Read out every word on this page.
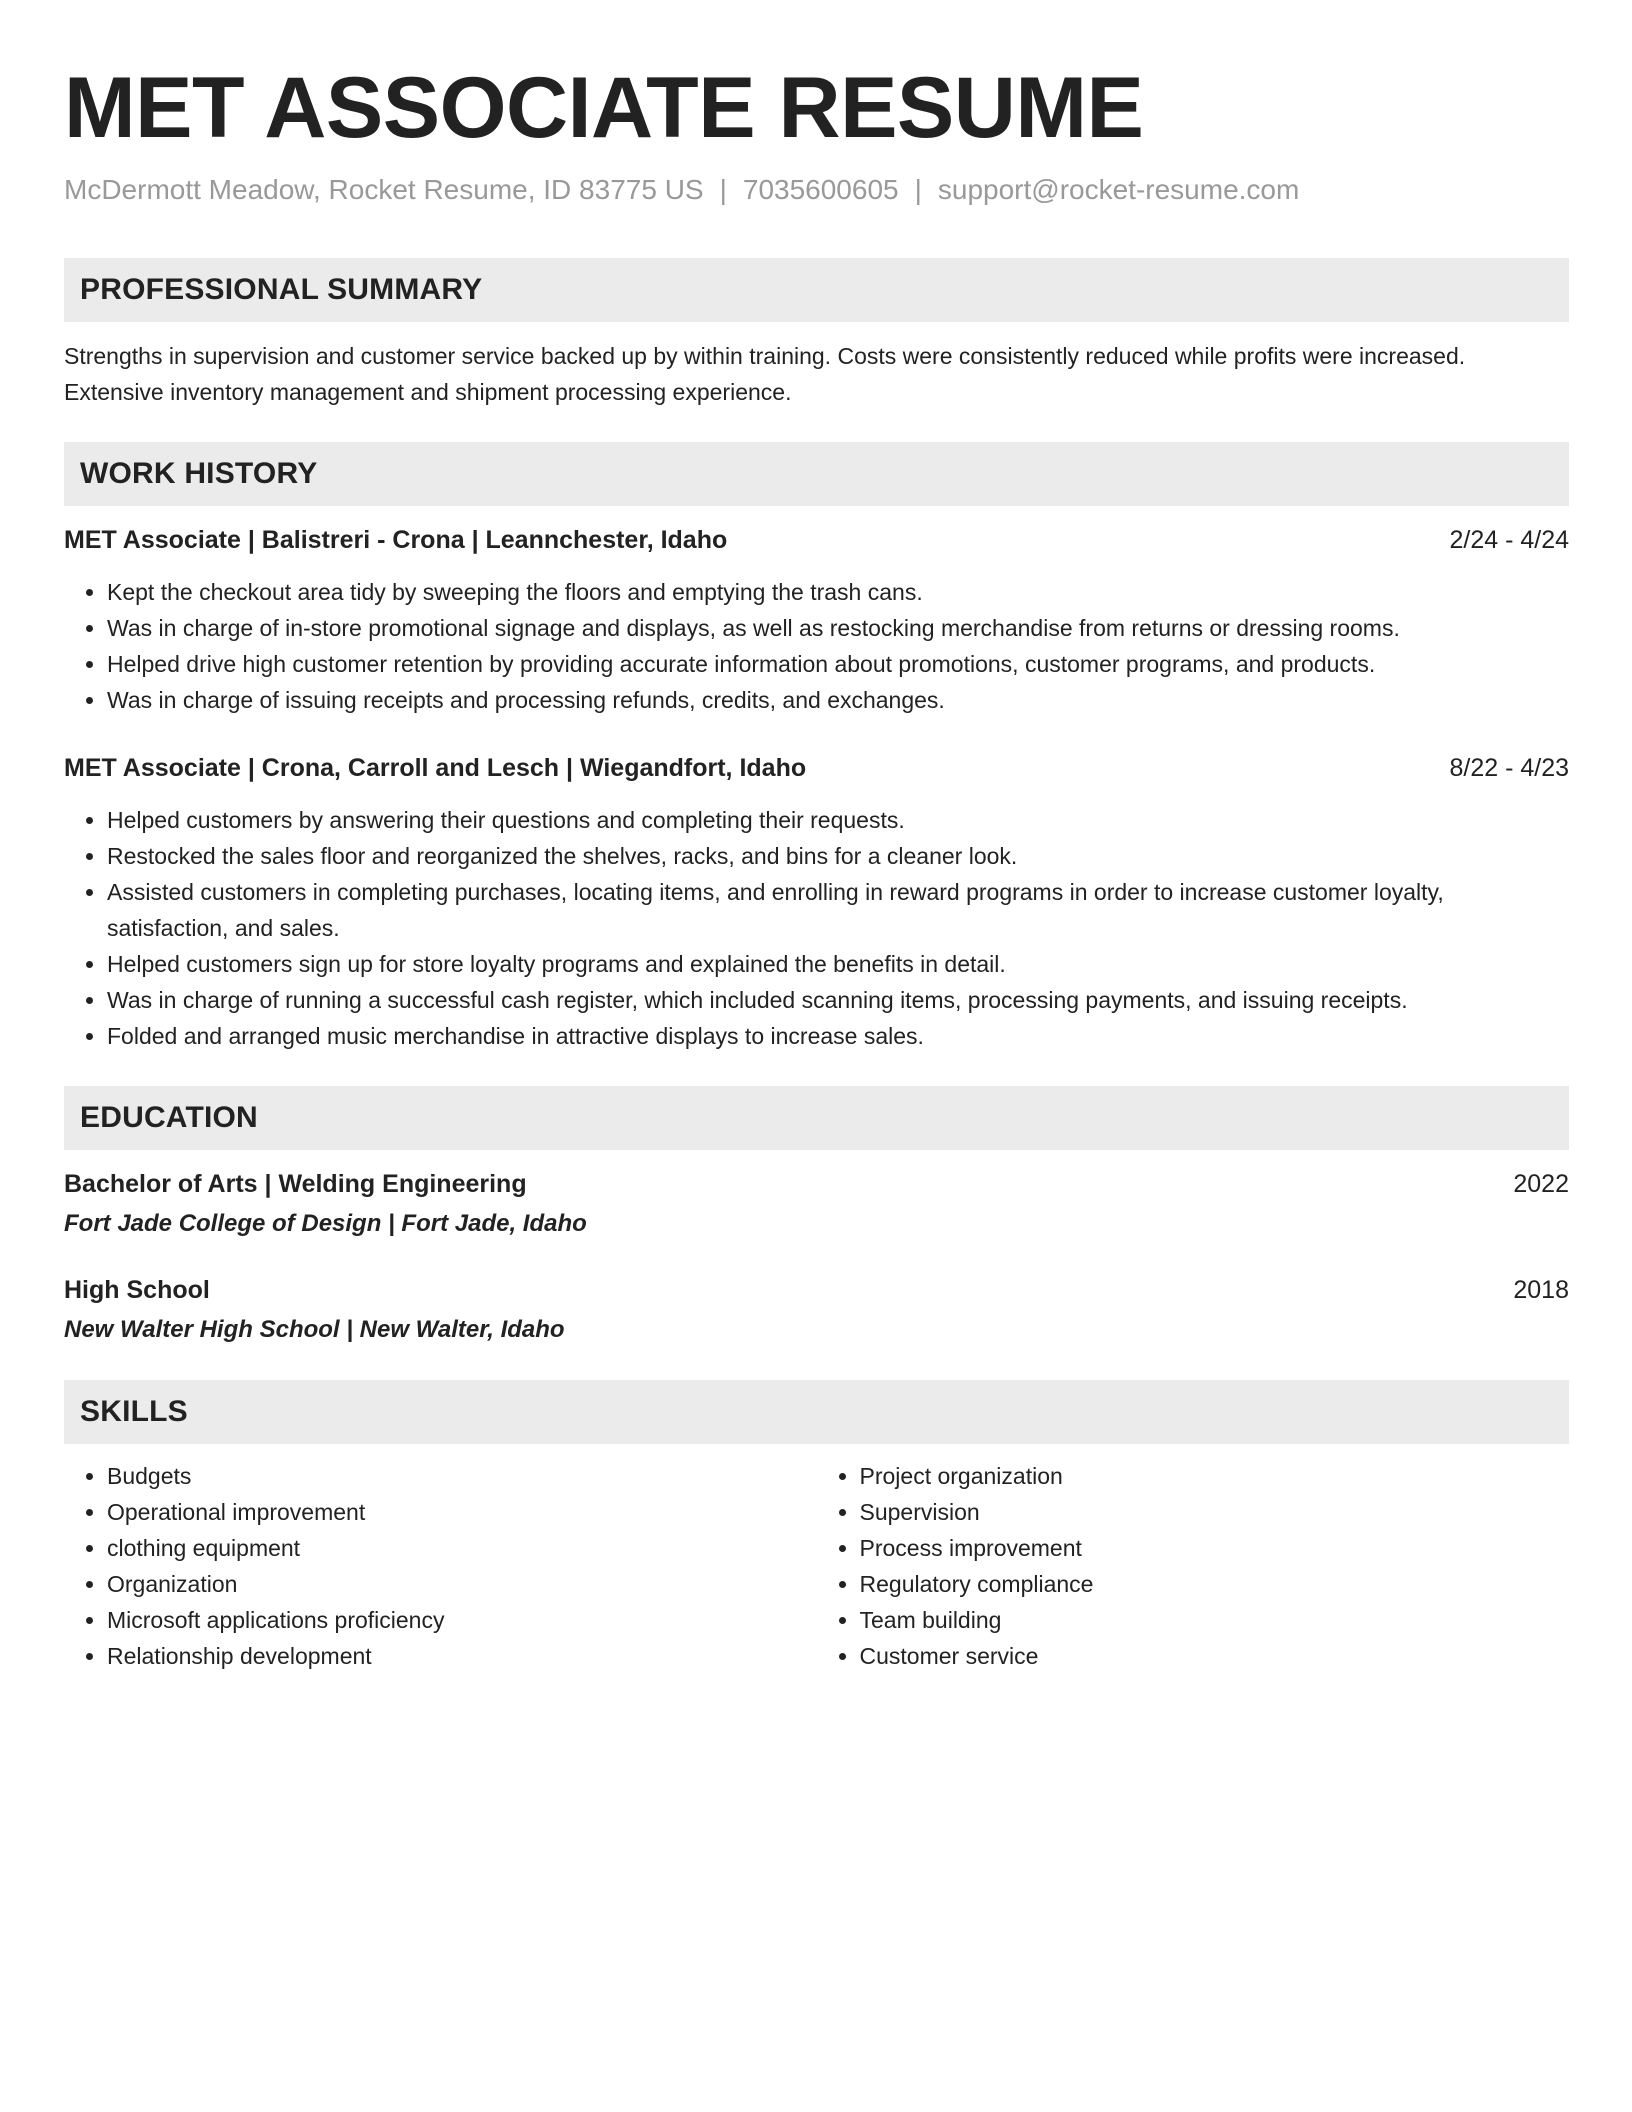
MET ASSOCIATE RESUME
McDermott Meadow, Rocket Resume, ID 83775 US | 7035600605 | support@rocket-resume.com
PROFESSIONAL SUMMARY

Strengths in supervision and customer service backed up by within training. Costs were consistently reduced while profits were increased. Extensive inventory management and shipment processing experience.

WORK HISTORY
MET Associate | Balistreri - Crona | Leannchester, Idaho	2/24 - 4/24
• Kept the checkout area tidy by sweeping the floors and emptying the trash cans.
• Was in charge of in-store promotional signage and displays, as well as restocking merchandise from returns or dressing rooms.
• Helped drive high customer retention by providing accurate information about promotions, customer programs, and products.
• Was in charge of issuing receipts and processing refunds, credits, and exchanges.
MET Associate | Crona, Carroll and Lesch | Wiegandfort, Idaho	8/22 - 4/23
• Helped customers by answering their questions and completing their requests.
• Restocked the sales floor and reorganized the shelves, racks, and bins for a cleaner look.
• Assisted customers in completing purchases, locating items, and enrolling in reward programs in order to increase customer loyalty, satisfaction, and sales.
• Helped customers sign up for store loyalty programs and explained the benefits in detail.
• Was in charge of running a successful cash register, which included scanning items, processing payments, and issuing receipts.
• Folded and arranged music merchandise in attractive displays to increase sales.
EDUCATION
Bachelor of Arts | Welding Engineering	2022
Fort Jade College of Design | Fort Jade, Idaho
High School	2018
New Walter High School | New Walter, Idaho
SKILLS
• Budgets
• Operational improvement
• clothing equipment
• Organization
• Microsoft applications proficiency
• Relationship development
• Project organization
• Supervision
• Process improvement
• Regulatory compliance
• Team building
• Customer service
